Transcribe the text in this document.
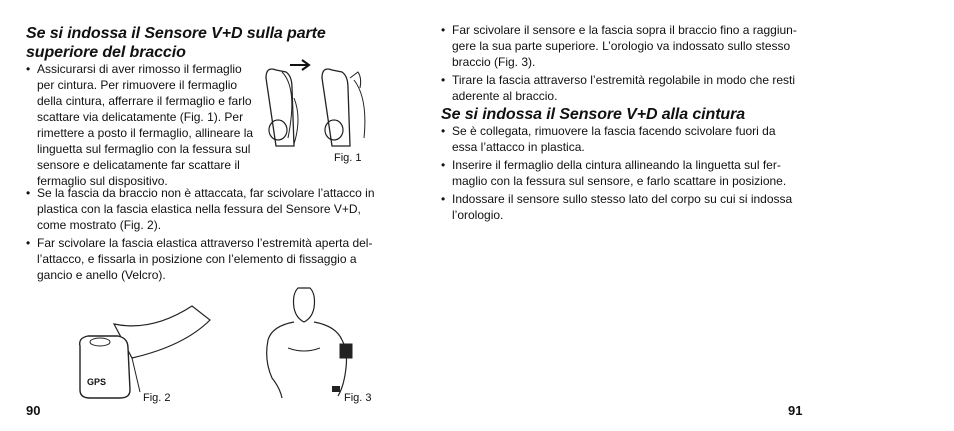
Se si indossa il Sensore V+D sulla parte superiore del braccio
• Assicurarsi di aver rimosso il fermaglio per cintura. Per rimuovere il fermaglio della cintura, afferrare il fermaglio e farlo scattare via delicatamente (Fig. 1). Per rimettere a posto il fermaglio, allineare la linguetta sul fermaglio con la fessura sul sensore e delicatamente far scattare il fermaglio sul dispositivo.
• Se la fascia da braccio non è attaccata, far scivolare l’attacco in plastica con la fascia elastica nella fessura del Sensore V+D, come mostrato (Fig. 2).
• Far scivolare la fascia elastica attraverso l’estremità aperta del-l’attacco, e fissarla in posizione con l’elemento di fissaggio a gancio e anello (Velcro).
Fig. 1
GPS
Fig. 2	Fig. 3
90
• Far scivolare il sensore e la fascia sopra il braccio fino a raggiun-gere la sua parte superiore. L’orologio va indossato sullo stesso braccio (Fig. 3).
• Tirare la fascia attraverso l’estremità regolabile in modo che resti aderente al braccio.
Se si indossa il Sensore V+D alla cintura
• Se è collegata, rimuovere la fascia facendo scivolare fuori da essa l’attacco in plastica.
• Inserire il fermaglio della cintura allineando la linguetta sul fer-maglio con la fessura sul sensore, e farlo scattare in posizione.
• Indossare il sensore sullo stesso lato del corpo su cui si indossa l’orologio.
91
